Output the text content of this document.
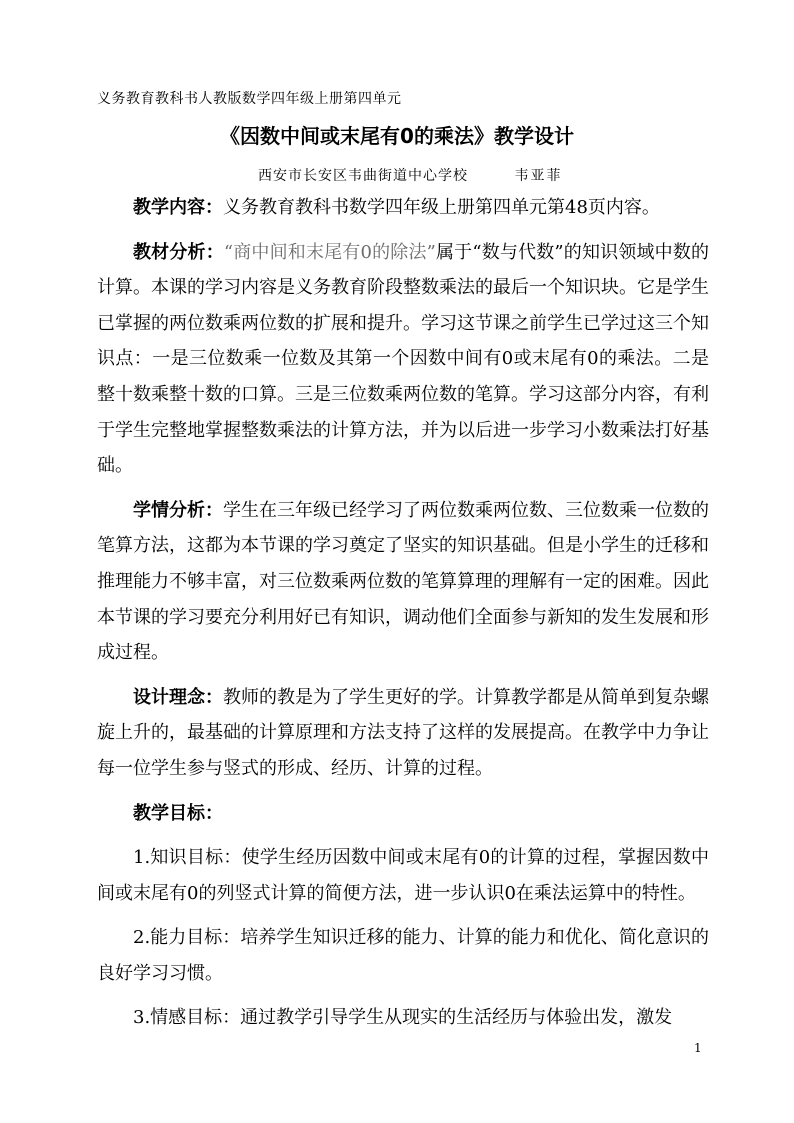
义务教育教科书人教版数学四年级上册第四单元
《因数中间或末尾有0的乘法》教学设计
西安市长安区韦曲街道中心学校	韦亚菲

教学内容：义务教育教科书数学四年级上册第四单元第48页内容。

教材分析：“商中间和末尾有0的除法”属于“数与代数”的知识领域中数的计算。本课的学习内容是义务教育阶段整数乘法的最后一个知识块。它是学生已掌握的两位数乘两位数的扩展和提升。学习这节课之前学生已学过这三个知识点：一是三位数乘一位数及其第一个因数中间有0或末尾有0的乘法。二是整十数乘整十数的口算。三是三位数乘两位数的笔算。学习这部分内容，有利于学生完整地掌握整数乘法的计算方法，并为以后进一步学习小数乘法打好基础。

学情分析：学生在三年级已经学习了两位数乘两位数、三位数乘一位数的笔算方法，这都为本节课的学习奠定了坚实的知识基础。但是小学生的迁移和推理能力不够丰富，对三位数乘两位数的笔算算理的理解有一定的困难。因此本节课的学习要充分利用好已有知识，调动他们全面参与新知的发生发展和形成过程。

设计理念：教师的教是为了学生更好的学。计算教学都是从简单到复杂螺旋上升的，最基础的计算原理和方法支持了这样的发展提高。在教学中力争让每一位学生参与竖式的形成、经历、计算的过程。

教学目标：

1.知识目标：使学生经历因数中间或末尾有0的计算的过程，掌握因数中间或末尾有0的列竖式计算的简便方法，进一步认识0在乘法运算中的特性。

2.能力目标：培养学生知识迁移的能力、计算的能力和优化、简化意识的良好学习习惯。

3.情感目标：通过教学引导学生从现实的生活经历与体验出发，激发

1
